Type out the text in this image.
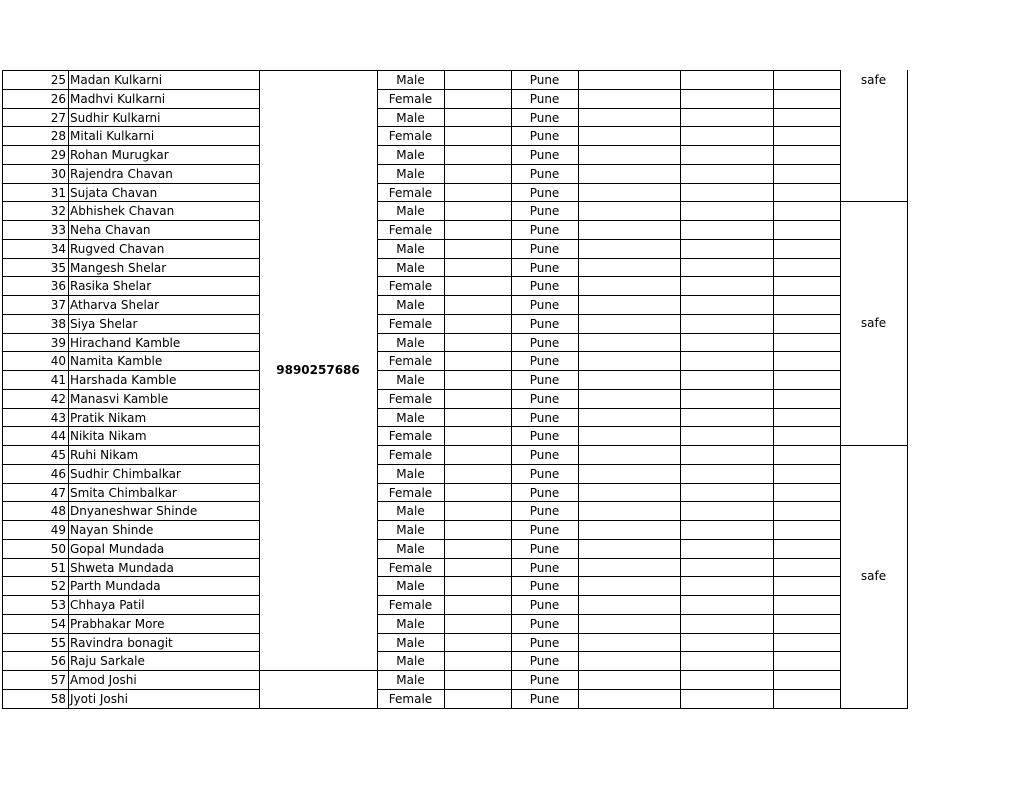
25 Madan Kulkarni	Male	Pune
26 Madhvi Kulkarni	Female	Pune
27 Sudhir Kulkarni	Male	Pune
28 Mitali Kulkarni	Female	Pune
29 Rohan Murugkar	Male	Pune
30 Rajendra Chavan	Male	Pune
31 Sujata Chavan	Female	Pune
32 Abhishek Chavan	Male	Pune
33 Neha Chavan	Female	Pune
34 Rugved Chavan	Male	Pune
35 Mangesh Shelar	Male	Pune
36 Rasika Shelar	Female	Pune
37 Atharva Shelar	Male	Pune
38 Siya Shelar	Female	Pune
39 Hirachand Kamble	Male	Pune
40 Namita Kamble	Female	Pune
41 Harshada Kamble	Male	Pune
42 Manasvi Kamble	Female	Pune
43 Pratik Nikam	Male	Pune
44 Nikita Nikam	Female	Pune
45 Ruhi Nikam	Female	Pune
46 Sudhir Chimbalkar	Male	Pune
47 Smita Chimbalkar	Female	Pune
48 Dnyaneshwar Shinde	Male	Pune
49 Nayan Shinde	Male	Pune
50 Gopal Mundada	Male	Pune
51 Shweta Mundada	Female	Pune
52 Parth Mundada	Male	Pune
53 Chhaya Patil	Female	Pune
54 Prabhakar More	Male	Pune
55 Ravindra bonagit	Male	Pune
56 Raju Sarkale	Male	Pune
57 Amod Joshi	Male	Pune
58 Jyoti Joshi	Female	Pune
9890257686
safe
safe
safe
